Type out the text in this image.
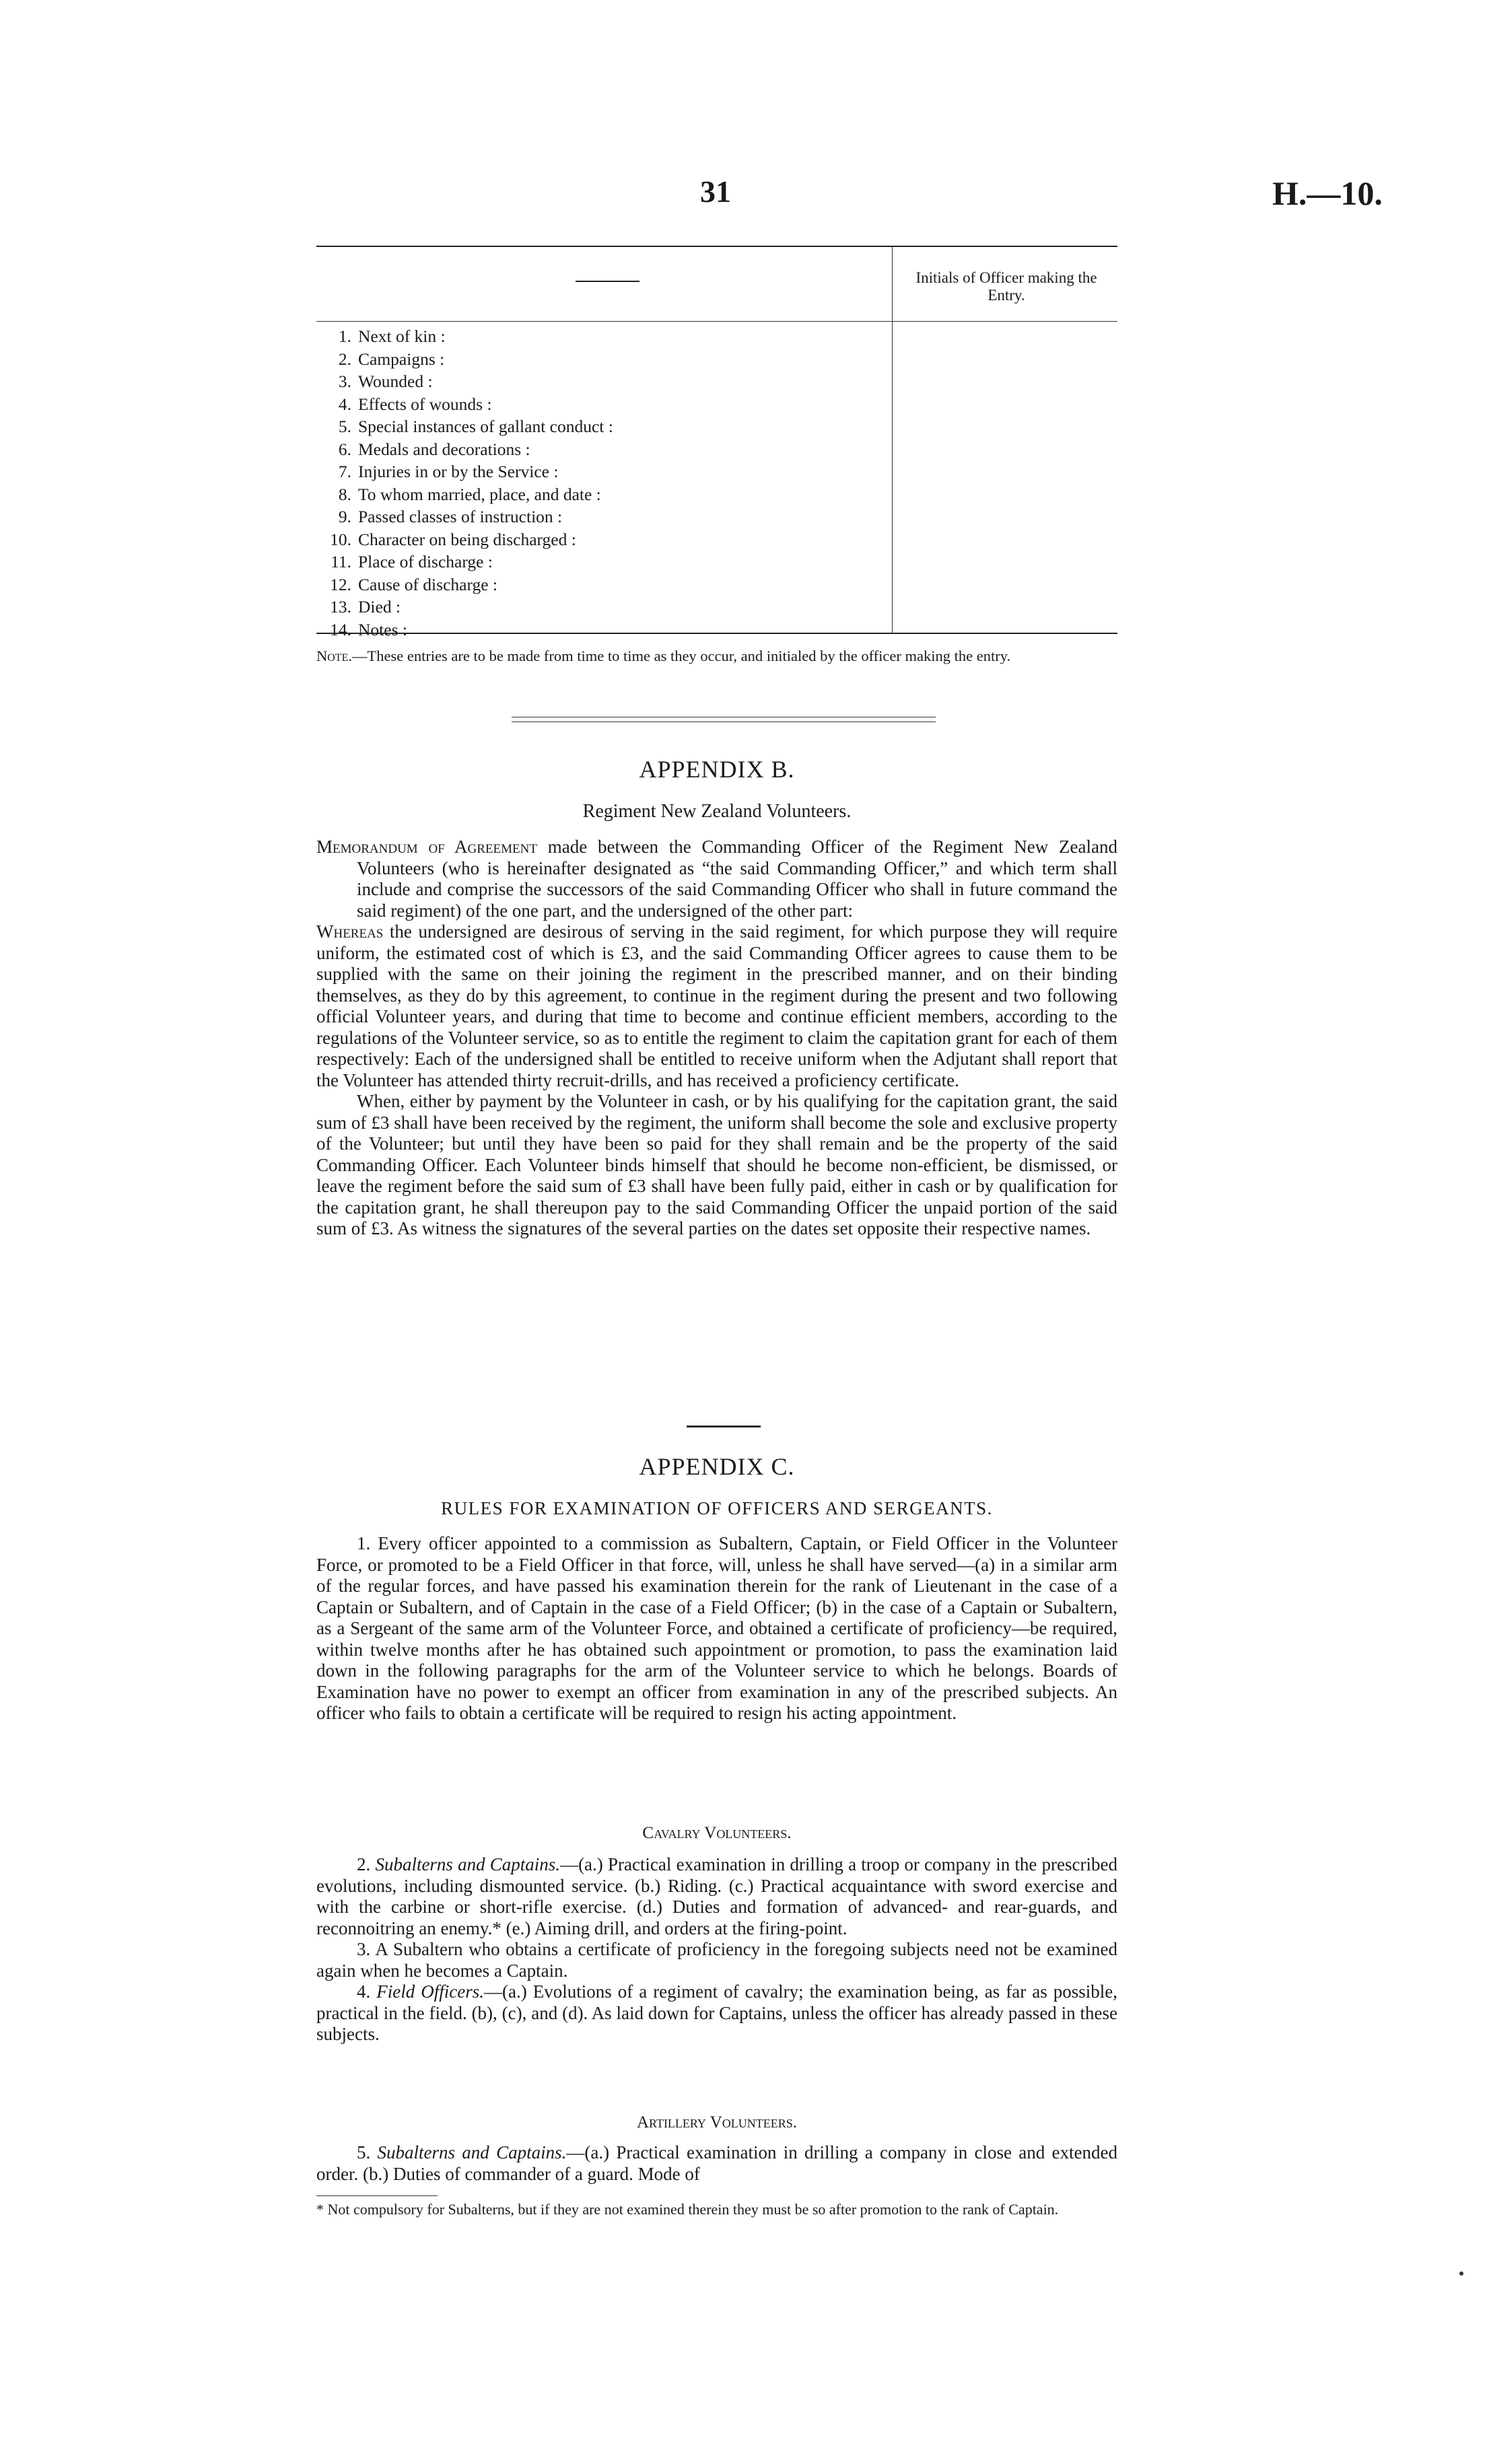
31	H.—10.
Initials of Officer making the Entry.
1. Next of kin :
2. Campaigns :
3. Wounded :
4. Effects of wounds :
5. Special instances of gallant conduct :
6. Medals and decorations :
7. Injuries in or by the Service :
8. To whom married, place, and date :
9. Passed classes of instruction :
10. Character on being discharged :
11. Place of discharge :
12. Cause of discharge :
13. Died :
14. Notes :
Note.—These entries are to be made from time to time as they occur, and initialed by the officer making the entry.
APPENDIX B.
Regiment New Zealand Volunteers.

Memorandum of Agreement made between the Commanding Officer of the Regiment New Zealand Volunteers (who is hereinafter designated as “the said Commanding Officer,” and which term shall include and comprise the successors of the said Commanding Officer who shall in future command the said regiment) of the one part, and the undersigned of the other part:

Whereas the undersigned are desirous of serving in the said regiment, for which purpose they will require uniform, the estimated cost of which is £3, and the said Commanding Officer agrees to cause them to be supplied with the same on their joining the regiment in the prescribed manner, and on their binding themselves, as they do by this agreement, to continue in the regiment during the present and two following official Volunteer years, and during that time to become and continue efficient members, according to the regulations of the Volunteer service, so as to entitle the regiment to claim the capitation grant for each of them respectively: Each of the undersigned shall be entitled to receive uniform when the Adjutant shall report that the Volunteer has attended thirty recruit-drills, and has received a proficiency certificate.

When, either by payment by the Volunteer in cash, or by his qualifying for the capitation grant, the said sum of £3 shall have been received by the regiment, the uniform shall become the sole and exclusive property of the Volunteer; but until they have been so paid for they shall remain and be the property of the said Commanding Officer. Each Volunteer binds himself that should he become non-efficient, be dismissed, or leave the regiment before the said sum of £3 shall have been fully paid, either in cash or by qualification for the capitation grant, he shall thereupon pay to the said Commanding Officer the unpaid portion of the said sum of £3. As witness the signatures of the several parties on the dates set opposite their respective names.

APPENDIX C.
RULES FOR EXAMINATION OF OFFICERS AND SERGEANTS.

1. Every officer appointed to a commission as Subaltern, Captain, or Field Officer in the Volunteer Force, or promoted to be a Field Officer in that force, will, unless he shall have served—(a) in a similar arm of the regular forces, and have passed his examination therein for the rank of Lieutenant in the case of a Captain or Subaltern, and of Captain in the case of a Field Officer; (b) in the case of a Captain or Subaltern, as a Sergeant of the same arm of the Volunteer Force, and obtained a certificate of proficiency—be required, within twelve months after he has obtained such appointment or promotion, to pass the examination laid down in the following paragraphs for the arm of the Volunteer service to which he belongs. Boards of Examination have no power to exempt an officer from examination in any of the prescribed subjects. An officer who fails to obtain a certificate will be required to resign his acting appointment.

Cavalry Volunteers.

2. Subalterns and Captains.—(a.) Practical examination in drilling a troop or company in the prescribed evolutions, including dismounted service. (b.) Riding. (c.) Practical acquaintance with sword exercise and with the carbine or short-rifle exercise. (d.) Duties and formation of advanced- and rear-guards, and reconnoitring an enemy.* (e.) Aiming drill, and orders at the firing-point.

3. A Subaltern who obtains a certificate of proficiency in the foregoing subjects need not be examined again when he becomes a Captain.

4. Field Officers.—(a.) Evolutions of a regiment of cavalry; the examination being, as far as possible, practical in the field. (b), (c), and (d). As laid down for Captains, unless the officer has already passed in these subjects.

Artillery Volunteers.

5. Subalterns and Captains.—(a.) Practical examination in drilling a company in close and extended order. (b.) Duties of commander of a guard. Mode of

* Not compulsory for Subalterns, but if they are not examined therein they must be so after promotion to the rank of Captain.
